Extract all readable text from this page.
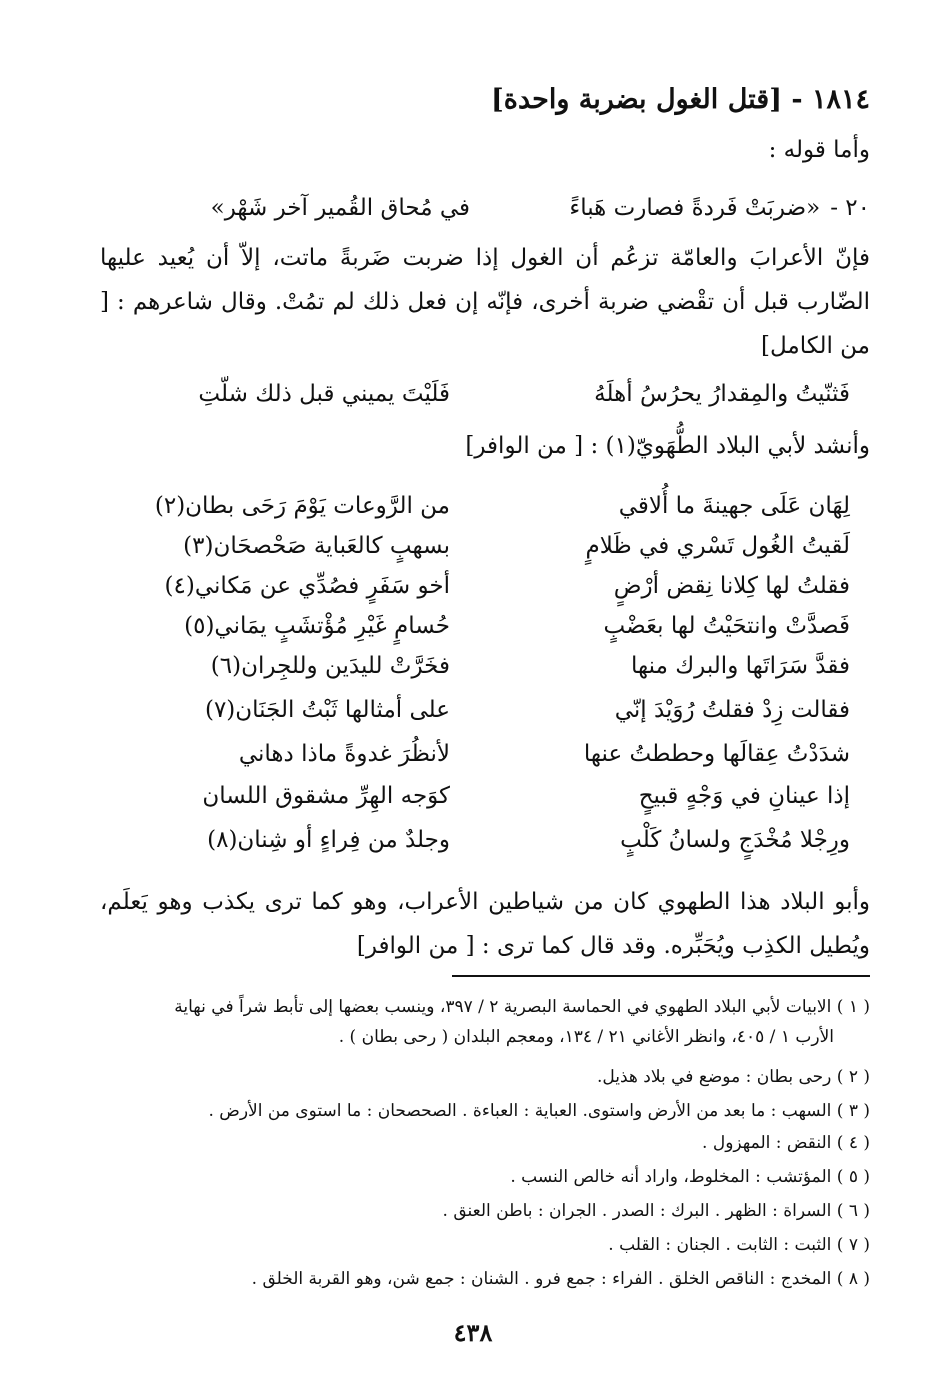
١٨١٤ - [قتل الغول بضربة واحدة]
وأما قوله :
٢٠ -«ضربَتْ فَردةً فصارت هَباءً
في مُحاق القُمير آخر شَهْر»
فإنّ الأعرابَ والعامّة تزعُم أن الغول إذا ضربت ضَربةً ماتت، إلاّ أن يُعيد عليها الضّارب قبل أن تقْضي ضربة أخرى، فإنّه إن فعل ذلك لم تمُتْ. وقال شاعرهم : [ من الكامل]
فَثنّيتُ والمِقدارُ يحرُسُ أهلَهُ
فَلَيْتَ يميني قبل ذلك شلّتِ
وأنشد لأبي البلاد الطُّهَويّ(١) : [ من الوافر]
لِهَان عَلَى جهينةَ ما أُلاقي
من الرَّوعات يَوْمَ رَحَى بطان(٢)
لَقيتُ الغُول تَسْري في ظَلامٍ
بسهبٍ كالعَباية صَحْصحَان(٣)
فقلتُ لها كِلانا نِقض أرْضٍ
أخو سَفَرٍ فصُدِّي عن مَكاني(٤)
فَصدَّتْ وانتحَيْتُ لها بعَضْبٍ
حُسامٍ غَيْرِ مُؤْتشَبٍ يمَاني(٥)
فقدَّ سَرَاتَها والبرك منها
فخَرَّتْ لليدَين وللجِران(٦)
فقالت زِدْ فقلتُ رُوَيْدَ إنّي
على أمثالها ثَبْتُ الجَنَان(٧)
شدَدْتُ عِقالَها وحططتُ عنها
لأنظُرَ غدوةً ماذا دهاني
إذا عينانِ في وَجْهٍ قبيحٍ
كوَجه الهِرِّ مشقوق اللسان
ورِجْلا مُخْدَجٍ ولسانُ كَلْبٍ
وجلدٌ من فِراءٍ أو شِنان(٨)
وأبو البلاد هذا الطهوي كان من شياطين الأعراب، وهو كما ترى يكذب وهو يَعلَم، ويُطيل الكذِب ويُحَبِّره. وقد قال كما ترى : [ من الوافر]
( ١ ) الابيات لأبي البلاد الطهوي في الحماسة البصرية ٢ / ٣٩٧، وينسب بعضها إلى تأبط شراً في نهاية
الأرب ١ / ٤٠٥، وانظر الأغاني ٢١ / ١٣٤، ومعجم البلدان ( رحى بطان ) .
( ٢ ) رحى بطان : موضع في بلاد هذيل.
( ٣ ) السهب : ما بعد من الأرض واستوى. العباية : العباءة . الصحصحان : ما استوى من الأرض .
( ٤ ) النقض : المهزول .
( ٥ ) المؤتشب : المخلوط، واراد أنه خالص النسب .
( ٦ ) السراة : الظهر . البرك : الصدر . الجران : باطن العنق .
( ٧ ) الثبت : الثابت . الجنان : القلب .
( ٨ ) المخدج : الناقص الخلق . الفراء : جمع فرو . الشنان : جمع شن، وهو القربة الخلق .
٤٣٨
